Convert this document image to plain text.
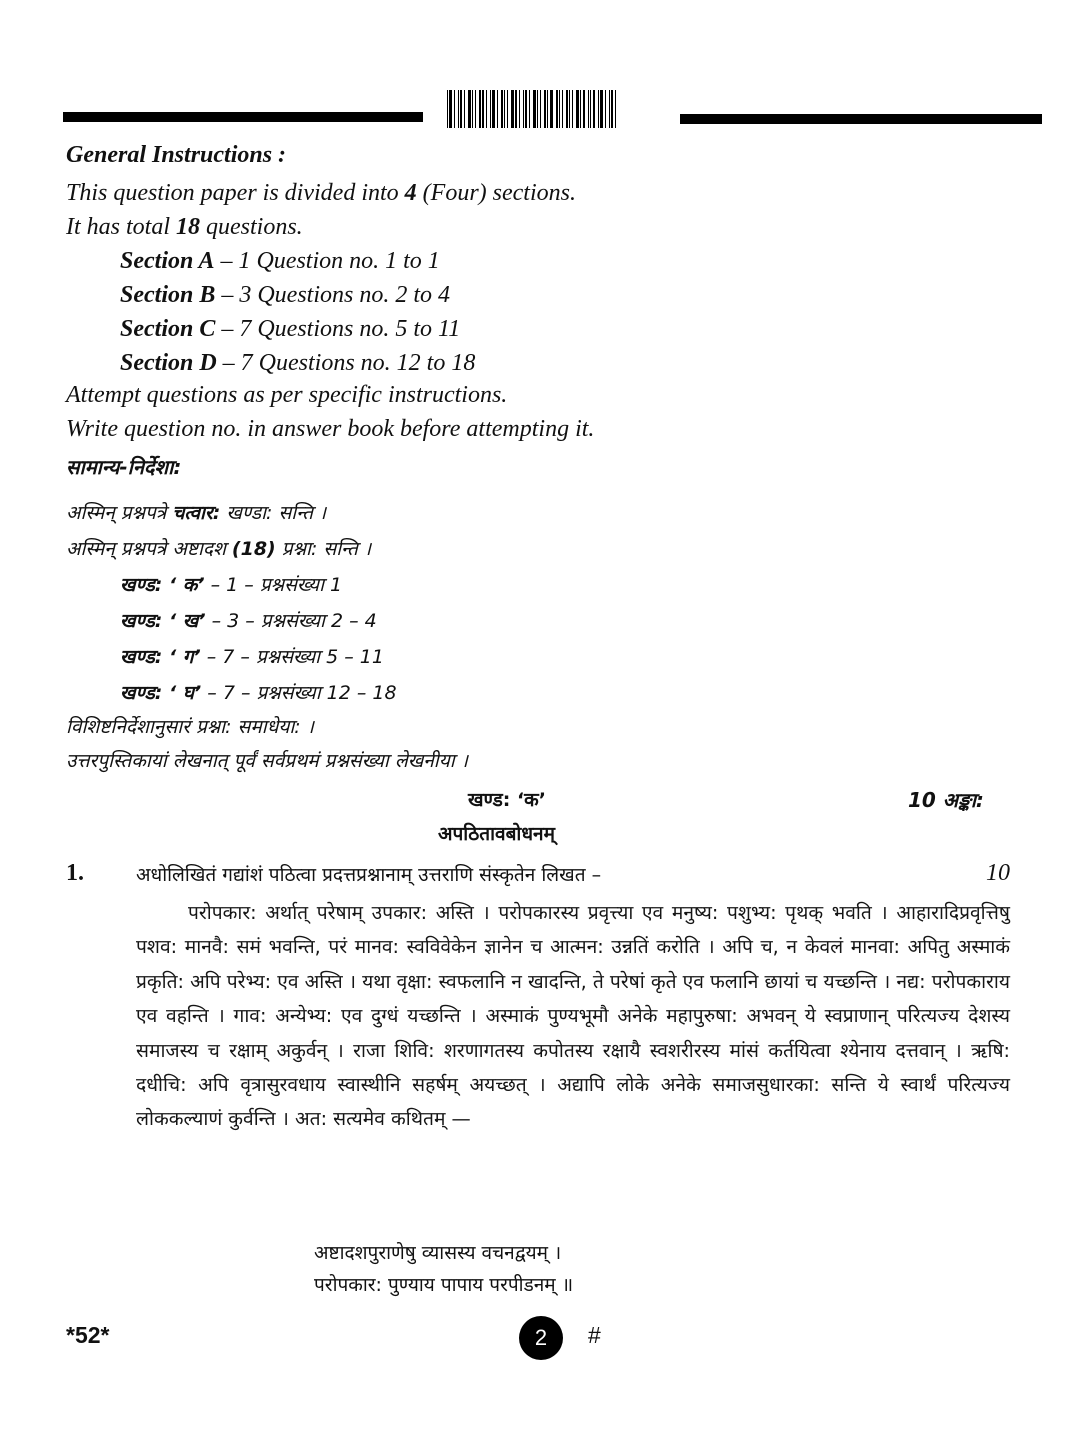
General Instructions :
This question paper is divided into 4 (Four) sections.
It has total 18 questions.
Section A – 1 Question no. 1 to 1
Section B – 3 Questions no. 2 to 4
Section C – 7 Questions no. 5 to 11
Section D – 7 Questions no. 12 to 18
Attempt questions as per specific instructions.
Write question no. in answer book before attempting it.
सामान्य-निर्देशा:
अस्मिन् प्रश्नपत्रे चत्वार: खण्डा: सन्ति ।
अस्मिन् प्रश्नपत्रे अष्टादश (18) प्रश्ना: सन्ति ।
खण्ड: ‘ क’ – 1 – प्रश्नसंख्या 1
खण्ड: ‘ ख’ – 3 – प्रश्नसंख्या 2 – 4
खण्ड: ‘ ग’ – 7 – प्रश्नसंख्या 5 – 11
खण्ड: ‘ घ’ – 7 – प्रश्नसंख्या 12 – 18
विशिष्टनिर्देशानुसारं प्रश्ना: समाधेया: ।
उत्तरपुस्तिकायां लेखनात् पूर्वं सर्वप्रथमं प्रश्नसंख्या लेखनीया ।
खण्ड: ‘क’	10 अङ्का:
अपठितावबोधनम्
1.	अधोलिखितं गद्यांशं पठित्वा प्रदत्तप्रश्नानाम् उत्तराणि संस्कृतेन लिखत –	10
परोपकार: अर्थात् परेषाम् उपकार: अस्ति । परोपकारस्य प्रवृत्त्या एव मनुष्य: पशुभ्य: पृथक् भवति । आहारादिप्रवृत्तिषु पशव: मानवै: समं भवन्ति, परं मानव: स्वविवेकेन ज्ञानेन च आत्मन: उन्नतिं करोति । अपि च, न केवलं मानवा: अपितु अस्माकं प्रकृति: अपि परेभ्य: एव अस्ति । यथा वृक्षा: स्वफलानि न खादन्ति, ते परेषां कृते एव फलानि छायां च यच्छन्ति । नद्य: परोपकाराय एव वहन्ति । गाव: अन्येभ्य: एव दुग्धं यच्छन्ति । अस्माकं पुण्यभूमौ अनेके महापुरुषा: अभवन् ये स्वप्राणान् परित्यज्य देशस्य समाजस्य च रक्षाम् अकुर्वन् । राजा शिवि: शरणागतस्य कपोतस्य रक्षायै स्वशरीरस्य मांसं कर्तयित्वा श्येनाय दत्तवान् । ऋषि: दधीचि: अपि वृत्रासुरवधाय स्वास्थीनि सहर्षम् अयच्छत् । अद्यापि लोके अनेके समाजसुधारका: सन्ति ये स्वार्थं परित्यज्य लोककल्याणं कुर्वन्ति । अत: सत्यमेव कथितम् —
अष्टादशपुराणेषु व्यासस्य वचनद्वयम् ।
परोपकार: पुण्याय पापाय परपीडनम् ॥
*52*	2 #
